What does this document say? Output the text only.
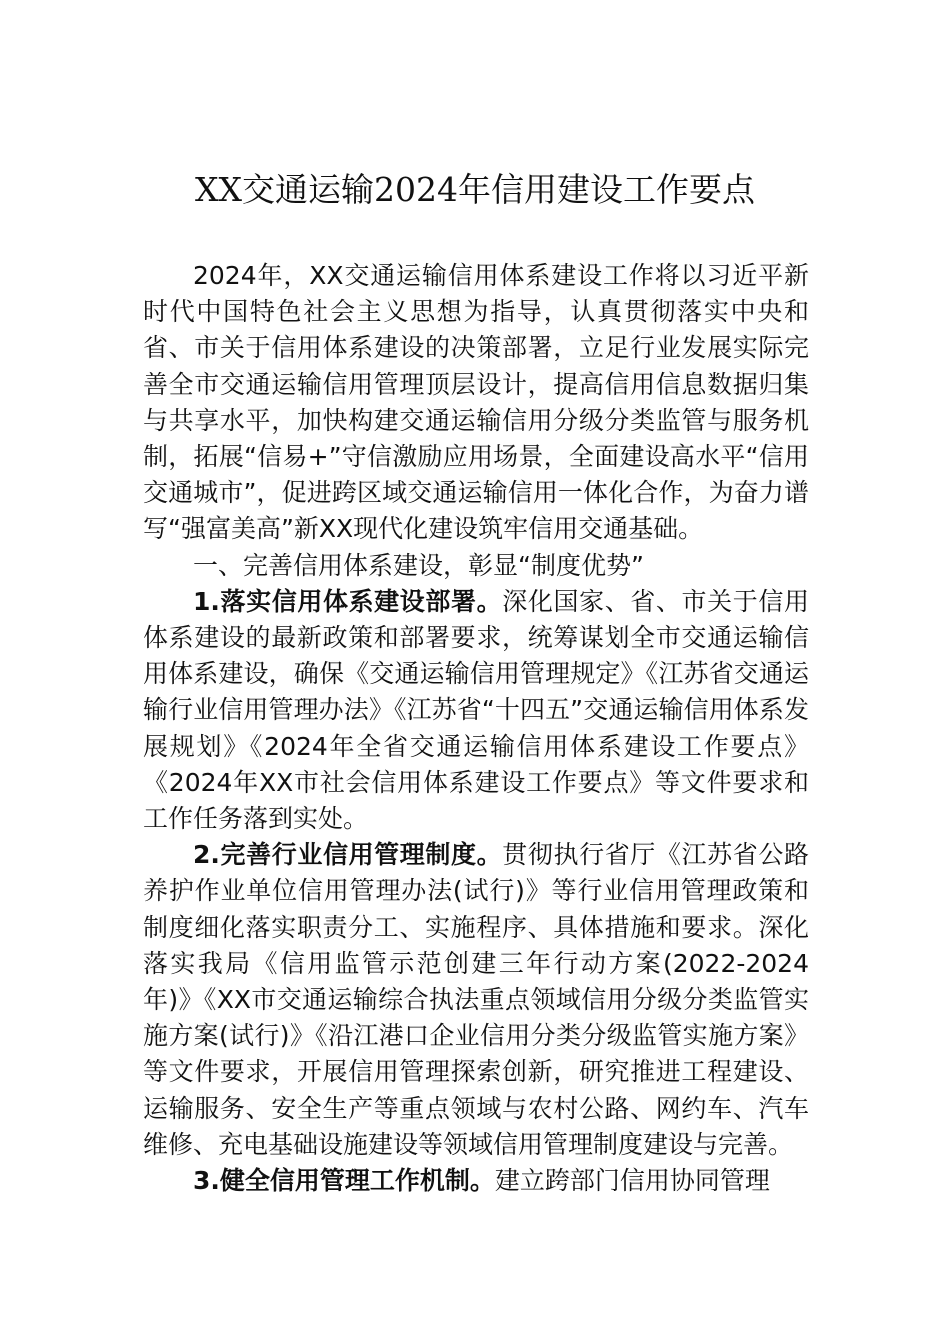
XX交通运输2024年信用建设工作要点

2024年，XX交通运输信用体系建设工作将以习近平新时代中国特色社会主义思想为指导，认真贯彻落实中央和省、市关于信用体系建设的决策部署，立足行业发展实际完善全市交通运输信用管理顶层设计，提高信用信息数据归集与共享水平，加快构建交通运输信用分级分类监管与服务机制，拓展“信易+”守信激励应用场景，全面建设高水平“信用交通城市”，促进跨区域交通运输信用一体化合作，为奋力谱写“强富美高”新XX现代化建设筑牢信用交通基础。

一、完善信用体系建设，彰显“制度优势”

1.落实信用体系建设部署。深化国家、省、市关于信用体系建设的最新政策和部署要求，统筹谋划全市交通运输信用体系建设，确保《交通运输信用管理规定》《江苏省交通运输行业信用管理办法》《江苏省“十四五”交通运输信用体系发展规划》《2024年全省交通运输信用体系建设工作要点》《2024年XX市社会信用体系建设工作要点》等文件要求和工作任务落到实处。

2.完善行业信用管理制度。贯彻执行省厅《江苏省公路养护作业单位信用管理办法(试行)》等行业信用管理政策和制度细化落实职责分工、实施程序、具体措施和要求。深化落实我局《信用监管示范创建三年行动方案(2022-2024年)》《XX市交通运输综合执法重点领域信用分级分类监管实施方案(试行)》《沿江港口企业信用分类分级监管实施方案》等文件要求，开展信用管理探索创新，研究推进工程建设、运输服务、安全生产等重点领域与农村公路、网约车、汽车维修、充电基础设施建设等领域信用管理制度建设与完善。

3.健全信用管理工作机制。建立跨部门信用协同管理
